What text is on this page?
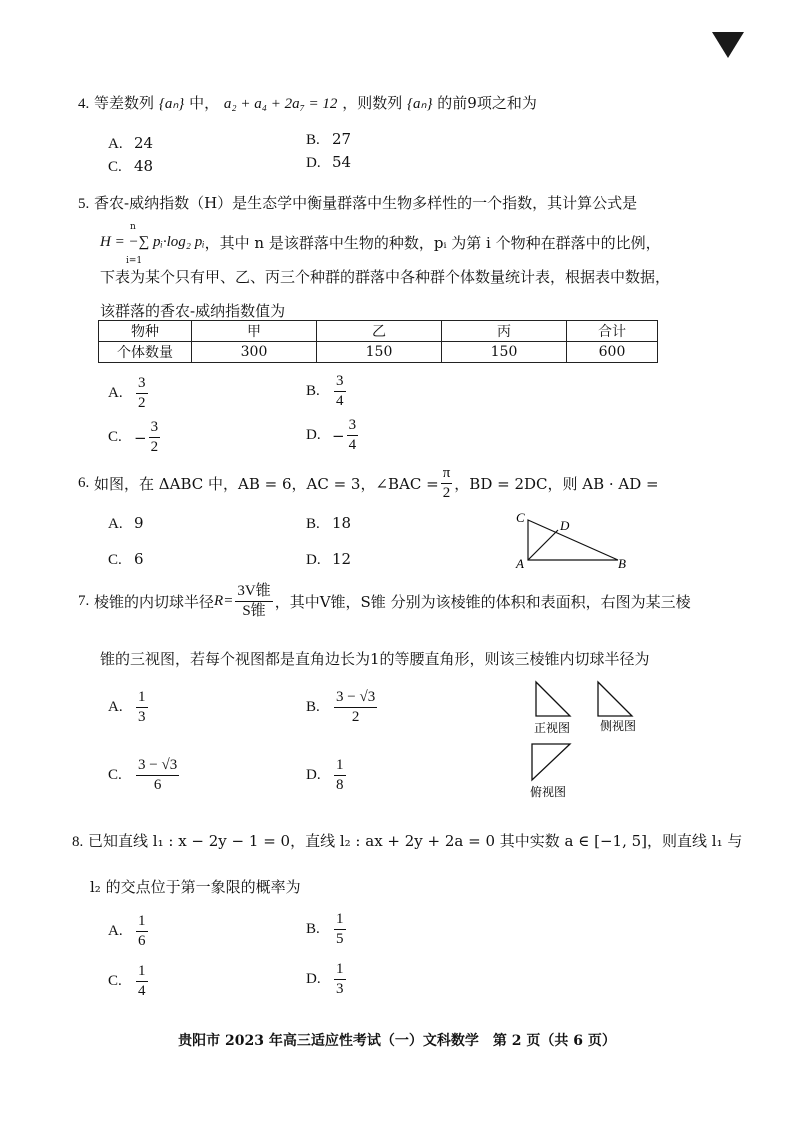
4. 等差数列 {aₙ} 中， a₂ + a₄ + 2a₇ = 12 ，则数列 {aₙ} 的前9项之和为
A. 24	B. 27
C. 48	D. 54
5. 香农-威纳指数（H）是生态学中衡量群落中生物多样性的一个指数，其计算公式是
n
i=1
H = −∑ pᵢ·log₂ pᵢ ，其中 n 是该群落中生物的种数，pᵢ 为第 i 个物种在群落中的比例，
下表为某个只有甲、乙、丙三个种群的群落中各种群个体数量统计表，根据表中数据，
该群落的香农-威纳指数值为
物种	甲	乙	丙	合计
个体数量	300	150	150	600
A. $\frac{3}{2}$	B. $\frac{3}{4}$
C. − $\frac{3}{2}$	D. − $\frac{3}{4}$
6.
如图，在 ΔABC 中，AB = 6，AC = 3，∠BAC = $\frac{\pi}{2}$ ，BD = 2DC，则 AB · AD =
A. 9	B. 18
C. 6	D. 12
C
D
A	B
7.
棱锥的内切球半径 $R= \frac{\text{3V锥}}{\text{S锥}}$ ，其中V锥，S锥 分别为该棱锥的体积和表面积，右图为某三棱
锥的三视图，若每个视图都是直角边长为1的等腰直角形，则该三棱锥内切球半径为
A. $\frac{1}{3}$	B. $\frac{3 - √3}{2}$
C. $\frac{3 - √3}{6}$	D. $\frac{1}{8}$
正视图 侧视图
俯视图
8. 已知直线 l₁ : x − 2y − 1 = 0，直线 l₂ : ax + 2y + 2a = 0 其中实数 a ∈ [−1, 5]，则直线 l₁ 与
l₂ 的交点位于第一象限的概率为
A. $\frac{1}{6}$	B. $\frac{1}{5}$
C. $\frac{1}{4}$	D. $\frac{1}{3}$
贵阳市 2023 年高三适应性考试（一）文科数学　第 2 页（共 6 页）
